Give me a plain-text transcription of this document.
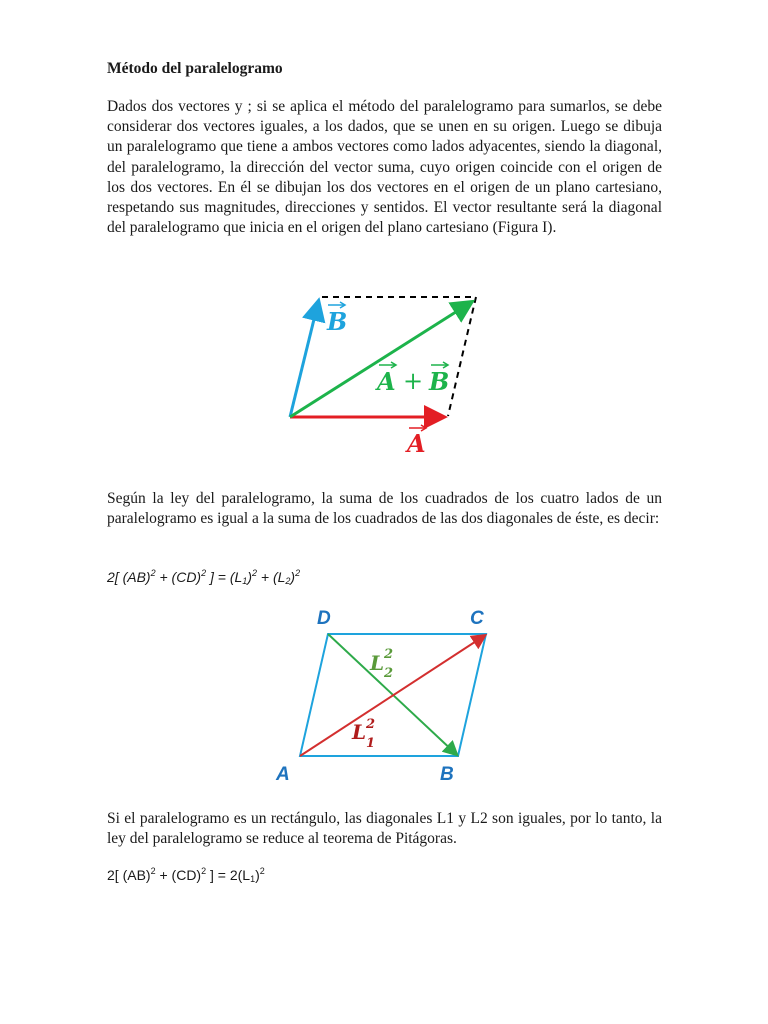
Método del paralelogramo

Dados dos vectores y ; si se aplica el método del paralelogramo para sumarlos, se debe considerar dos vectores iguales, a los dados, que se unen en su origen. Luego se dibuja un paralelogramo que tiene a ambos vectores como lados adyacentes, siendo la diagonal, del paralelogramo, la dirección del vector suma, cuyo origen coincide con el origen de los dos vectores. En él se dibujan los dos vectores en el origen de un plano cartesiano, respetando sus magnitudes, direcciones y sentidos. El vector resultante será la diagonal del paralelogramo que inicia en el origen del plano cartesiano (Figura I).

B
A + B
A

Según la ley del paralelogramo, la suma de los cuadrados de los cuatro lados de un paralelogramo es igual a la suma de los cuadrados de las dos diagonales de éste, es decir:

2[ (AB)$^2$ + (CD)$^2$ ] = $(L_1)^2 + (L_2)^2$
D	C
A	B
L 2
2
L 2
1

Si el paralelogramo es un rectángulo, las diagonales L1 y L2 son iguales, por lo tanto, la ley del paralelogramo se reduce al teorema de Pitágoras.

2[ (AB)$^2$ + (CD)$^2$ ] = $2(L_1)^2$
